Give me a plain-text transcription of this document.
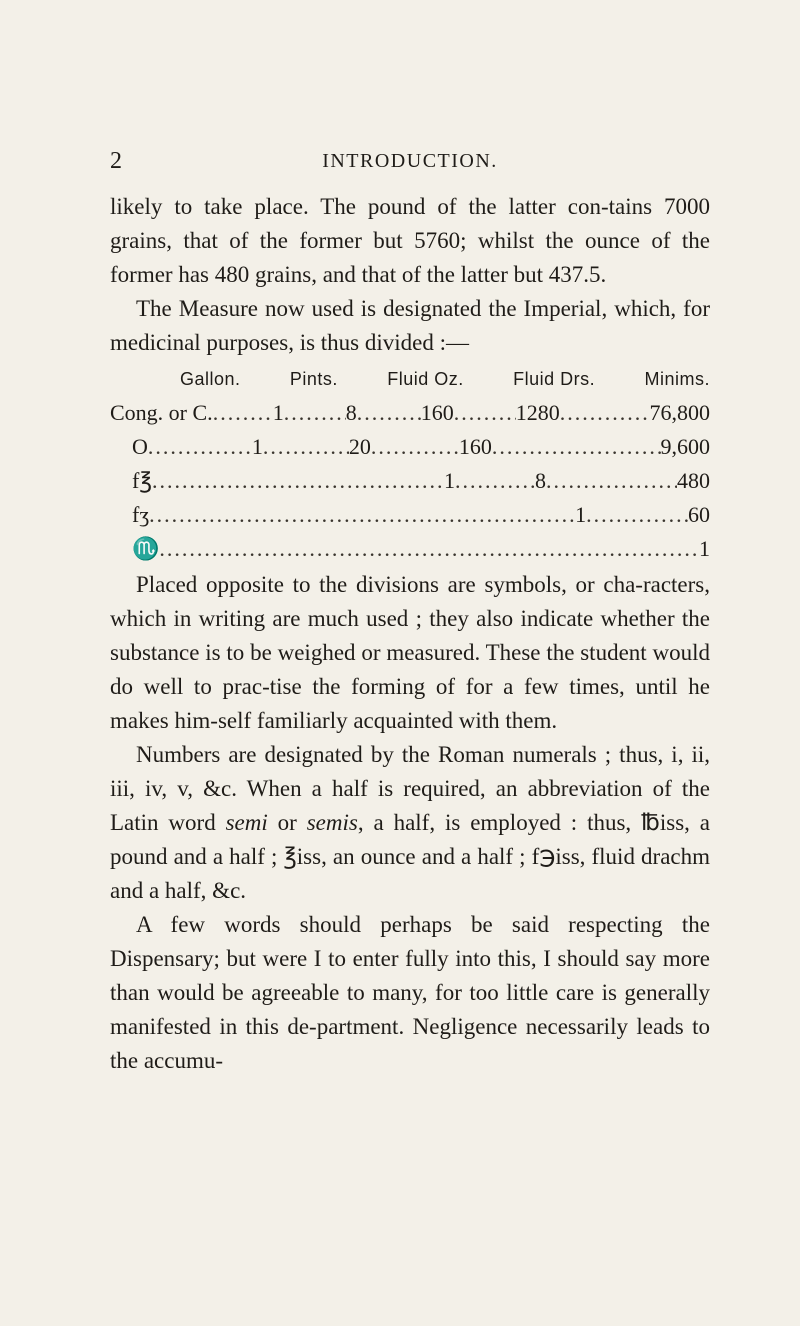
2	INTRODUCTION.

likely to take place. The pound of the latter con-tains 7000 grains, that of the former but 5760; whilst the ounce of the former has 480 grains, and that of the latter but 437.5.

The Measure now used is designated the Imperial, which, for medicinal purposes, is thus divided :—

Gallon.	Pints.	Fluid Oz.	Fluid Drs.	Minims.
Cong. or C. .....	1 .....	8 .....	160 .....	1280 .....	76,800
O .....	1 .....	20 .....	160 .....	9,600
f℥ .....	1 .....	8 .....	480
fʒ .....	1 .....	60
♏ .....	1

Placed opposite to the divisions are symbols, or cha-racters, which in writing are much used ; they also indicate whether the substance is to be weighed or measured. These the student would do well to prac-tise the forming of for a few times, until he makes him-self familiarly acquainted with them.

Numbers are designated by the Roman numerals ; thus, i, ii, iii, iv, v, &c. When a half is required, an abbreviation of the Latin word semi or semis, a half, is employed : thus, ℔iss, a pound and a half ; ℥iss, an ounce and a half ; f℈iss, fluid drachm and a half, &c.

A few words should perhaps be said respecting the Dispensary; but were I to enter fully into this, I should say more than would be agreeable to many, for too little care is generally manifested in this de-partment. Negligence necessarily leads to the accumu-
